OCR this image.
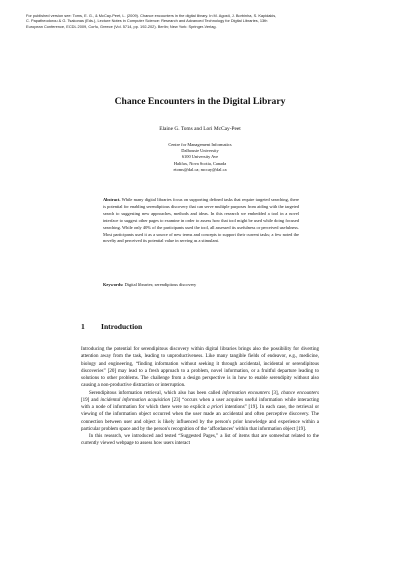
For published version see: Toms, E. G., & McCay-Peet, L. (2009). Chance encounters in the digital library. In M. Agosti, J. Borbinha, S. Kapidakis,
C. Papatheodorou & G. Tsakonas (Eds.), Lecture Notes in Computer Science: Research and Advanced Technology for Digital Libraries, 13th
European Conference, ECDL 2009, Corfu, Greece (Vol. 5714, pp. 192-202). Berlin; New York: Springer-Verlag.
Chance Encounters in the Digital Library
Elaine G. Toms and Lori McCay-Peet
Centre for Management Informatics
Dalhousie University
6100 University Ave
Halifax, Nova Scotia, Canada
etoms@dal.ca; mccay@dal.ca
Abstract. While many digital libraries focus on supporting defined tasks that require targeted searching, there is potential for enabling serendipitous discovery that can serve multiple purposes from aiding with the targeted search to suggesting new approaches, methods and ideas. In this research we embedded a tool in a novel interface to suggest other pages to examine in order to assess how that tool might be used while doing focused searching. While only 40% of the participants used the tool, all assessed its usefulness or perceived usefulness. Most participants used it as a source of new terms and concepts to support their current tasks; a few noted the novelty and perceived its potential value in serving as a stimulant.
Keywords: Digital libraries; serendipitous discovery
1 Introduction

Introducing the potential for serendipitous discovery within digital libraries brings also the possibility for diverting attention away from the task, leading to unproductiveness. Like many tangible fields of endeavor, e.g., medicine, biology and engineering, “finding information without seeking it through accidental, incidental or serendipitous discoveries” [20] may lead to a fresh approach to a problem, novel information, or a fruitful departure leading to solutions to other problems. The challenge from a design perspective is in how to enable serendipity without also causing a non-productive distraction or interruption.

Serendipitous information retrieval, which also has been called information encounters [3], chance encounters [19] and incidental information acquisition [23] “occurs when a user acquires useful information while interacting with a node of information for which there were no explicit a priori intentions” [19]. In each case, the retrieval or viewing of the information object occurred when the user made an accidental and often perceptive discovery. The connection between user and object is likely influenced by the person's prior knowledge and experience within a particular problem space and by the person's recognition of the ‘affordances’ within that information object [19].

In this research, we introduced and tested “Suggested Pages,” a list of items that are somewhat related to the currently viewed webpage to assess how users interact
